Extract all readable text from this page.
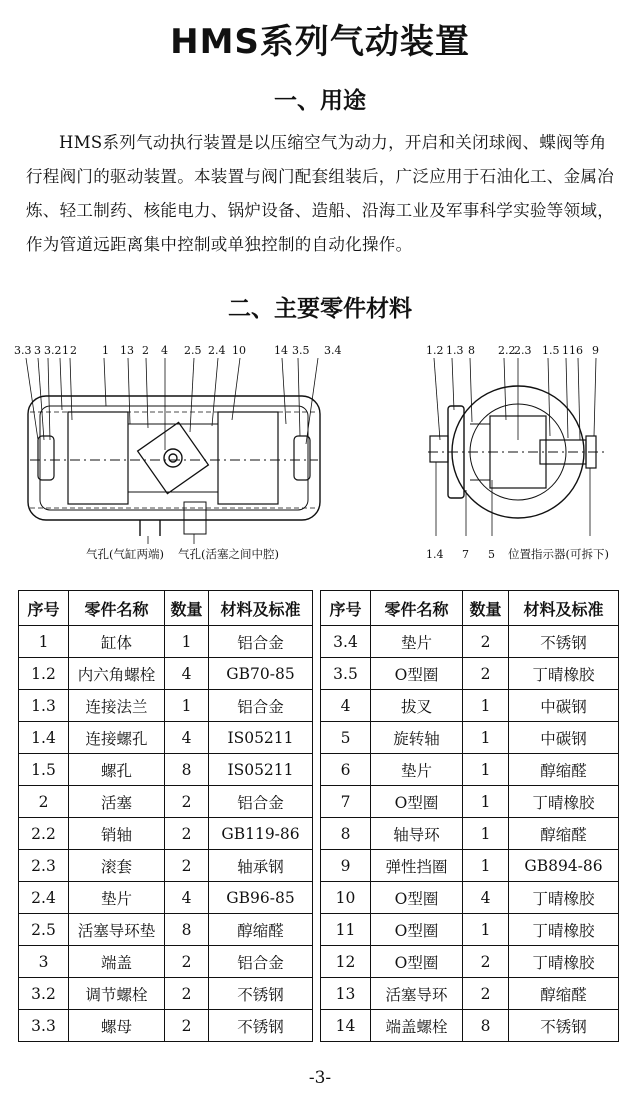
HMS系列气动装置
一、用途

HMS系列气动执行装置是以压缩空气为动力，开启和关闭球阀、蝶阀等角行程阀门的驱动装置。本装置与阀门配套组装后，广泛应用于石油化工、金属冶炼、轻工制药、核能电力、锅炉设备、造船、沿海工业及军事科学实验等领域，作为管道远距离集中控制或单独控制的自动化操作。

二、主要零件材料
3.3 3 3.2 1 2 1 13 2 4 2.5 2.4 10	14 3.5 3.4
气孔(气缸两端) 气孔(活塞之间中腔)
1.2 1.3 8 2.2
2.3 1.5 11 6 9
1.4 7 5 位置指示器(可拆下)
序号	零件名称	数量	材料及标准		序号	零件名称	数量	材料及标准
1	缸体	1	铝合金		3.4	垫片	2	不锈钢
1.2	内六角螺栓	4	GB70-85		3.5	O型圈	2	丁晴橡胶
1.3	连接法兰	1	铝合金		4	拔叉	1	中碳钢
1.4	连接螺孔	4	IS05211		5	旋转轴	1	中碳钢
1.5	螺孔	8	IS05211		6	垫片	1	醇缩醛
2	活塞	2	铝合金		7	O型圈	1	丁晴橡胶
2.2	销轴	2	GB119-86		8	轴导环	1	醇缩醛
2.3	滚套	2	轴承钢		9	弹性挡圈	1	GB894-86
2.4	垫片	4	GB96-85		10	O型圈	4	丁晴橡胶
2.5	活塞导环垫	8	醇缩醛		11	O型圈	1	丁晴橡胶
3	端盖	2	铝合金		12	O型圈	2	丁晴橡胶
3.2	调节螺栓	2	不锈钢		13	活塞导环	2	醇缩醛
3.3	螺母	2	不锈钢		14	端盖螺栓	8	不锈钢
-3-
